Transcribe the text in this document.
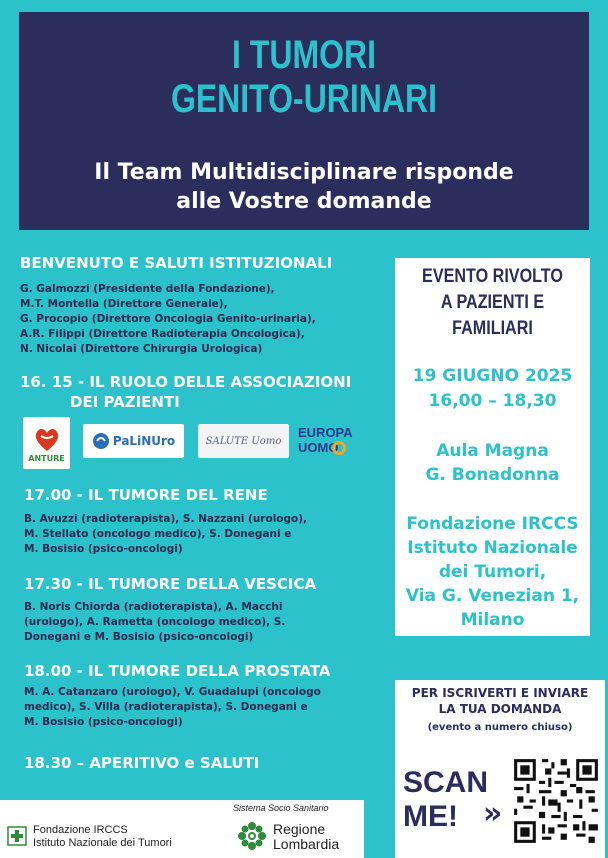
I TUMORI
GENITO-URINARI
Il Team Multidisciplinare risponde
alle Vostre domande
BENVENUTO E SALUTI ISTITUZIONALI
G. Galmozzi (Presidente della Fondazione),
M.T. Montella (Direttore Generale),
G. Procopio (Direttore Oncologia Genito-urinaria),
A.R. Filippi (Direttore Radioterapia Oncologica),
N. Nicolai (Direttore Chirurgia Urologica)
16. 15 - IL RUOLO DELLE ASSOCIAZIONI
DEI PAZIENTI
ANTURE
PaLiNUro	SALUTE Uomo
EUROPA
UOMO
17.00 - IL TUMORE DEL RENE
B. Avuzzi (radioterapista), S. Nazzani (urologo),
M. Stellato (oncologo medico), S. Donegani e
M. Bosisio (psico-oncologi)
17.30 - IL TUMORE DELLA VESCICA
B. Noris Chiorda (radioterapista), A. Macchi
(urologo), A. Rametta (oncologo medico), S.
Donegani e M. Bosisio (psico-oncologi)
18.00 - IL TUMORE DELLA PROSTATA
M. A. Catanzaro (urologo), V. Guadalupi (oncologo
medico), S. Villa (radioterapista), S. Donegani e
M. Bosisio (psico-oncologi)
18.30 – APERITIVO e SALUTI
EVENTO RIVOLTO
A PAZIENTI E
FAMILIARI
19 GIUGNO 2025
16,00 – 18,30
Aula Magna
G. Bonadonna
Fondazione IRCCS
Istituto Nazionale
dei Tumori,
Via G. Venezian 1,
Milano
PER ISCRIVERTI E INVIARE
LA TUA DOMANDA
(evento a numero chiuso)
SCAN
ME! »
Fondazione IRCCS
Istituto Nazionale dei Tumori
Sistema Socio Sanitario
Regione
Lombardia
